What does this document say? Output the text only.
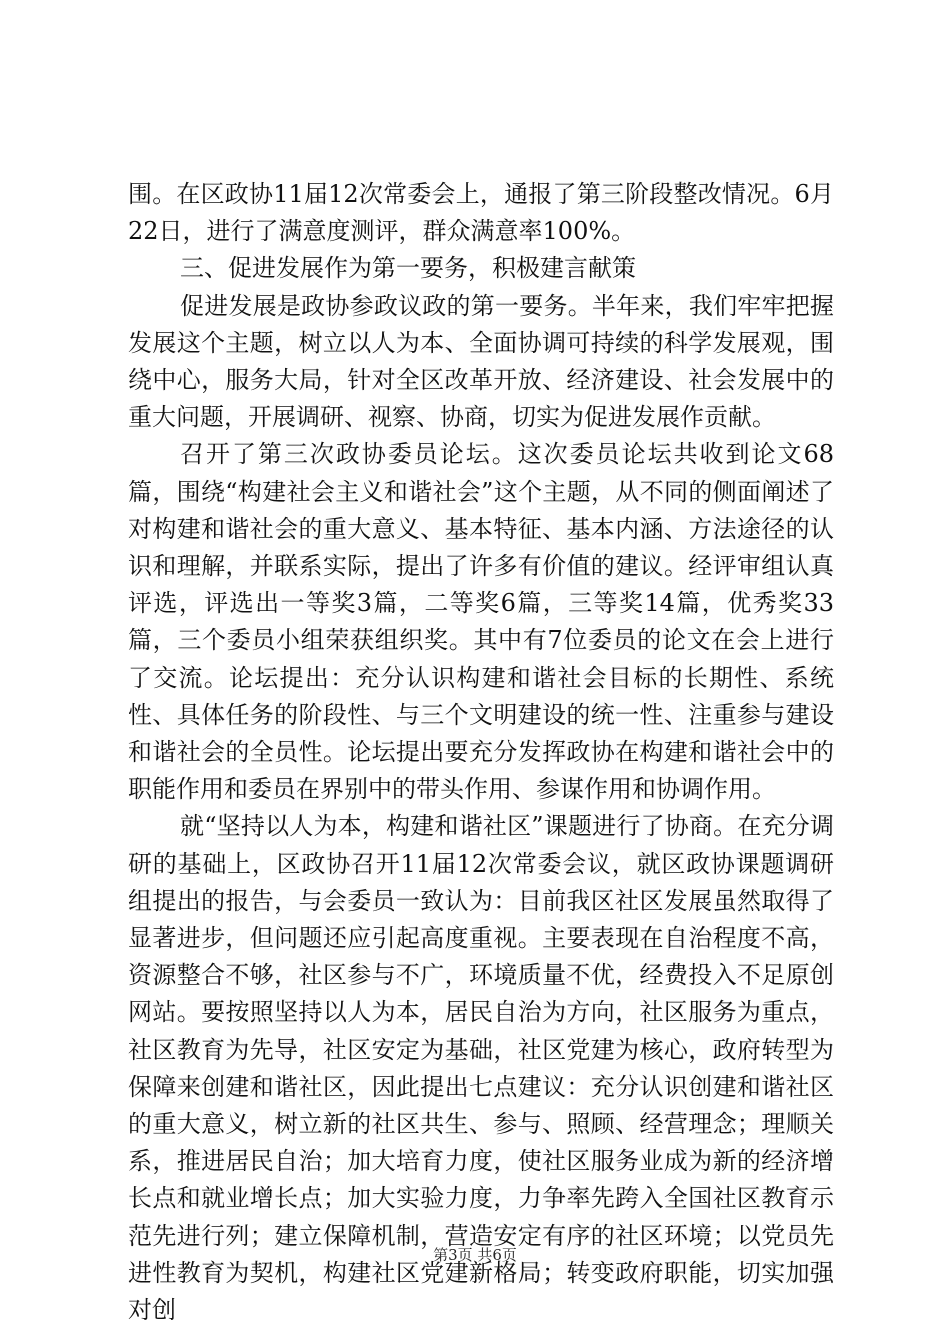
围。在区政协11届12次常委会上，通报了第三阶段整改情况。6月22日，进行了满意度测评，群众满意率100%。

三、促进发展作为第一要务，积极建言献策

促进发展是政协参政议政的第一要务。半年来，我们牢牢把握发展这个主题，树立以人为本、全面协调可持续的科学发展观，围绕中心，服务大局，针对全区改革开放、经济建设、社会发展中的重大问题，开展调研、视察、协商，切实为促进发展作贡献。

召开了第三次政协委员论坛。这次委员论坛共收到论文68篇，围绕“构建社会主义和谐社会”这个主题，从不同的侧面阐述了对构建和谐社会的重大意义、基本特征、基本内涵、方法途径的认识和理解，并联系实际，提出了许多有价值的建议。经评审组认真评选，评选出一等奖3篇，二等奖6篇，三等奖14篇，优秀奖33篇，三个委员小组荣获组织奖。其中有7位委员的论文在会上进行了交流。论坛提出：充分认识构建和谐社会目标的长期性、系统性、具体任务的阶段性、与三个文明建设的统一性、注重参与建设和谐社会的全员性。论坛提出要充分发挥政协在构建和谐社会中的职能作用和委员在界别中的带头作用、参谋作用和协调作用。

就“坚持以人为本，构建和谐社区”课题进行了协商。在充分调研的基础上，区政协召开11届12次常委会议，就区政协课题调研组提出的报告，与会委员一致认为：目前我区社区发展虽然取得了显著进步，但问题还应引起高度重视。主要表现在自治程度不高，资源整合不够，社区参与不广，环境质量不优，经费投入不足原创网站。要按照坚持以人为本，居民自治为方向，社区服务为重点，社区教育为先导，社区安定为基础，社区党建为核心，政府转型为保障来创建和谐社区，因此提出七点建议：充分认识创建和谐社区的重大意义，树立新的社区共生、参与、照顾、经营理念；理顺关系，推进居民自治；加大培育力度，使社区服务业成为新的经济增长点和就业增长点；加大实验力度，力争率先跨入全国社区教育示范先进行列；建立保障机制，营造安定有序的社区环境；以党员先进性教育为契机，构建社区党建新格局；转变政府职能，切实加强对创

第3页 共6页
